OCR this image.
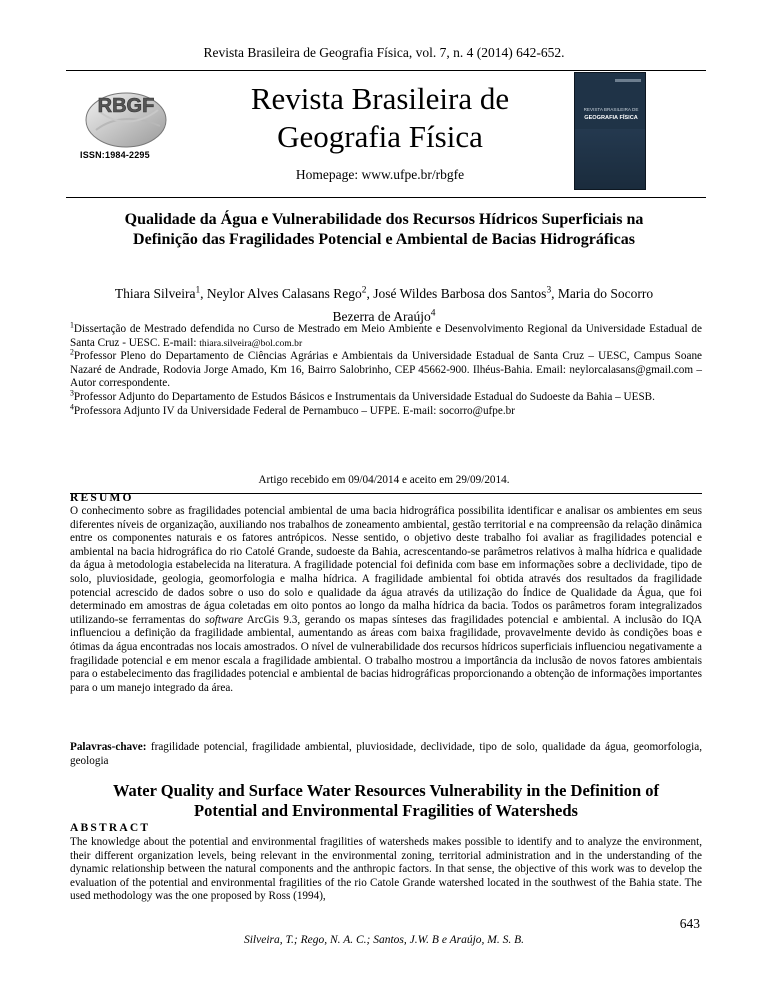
Revista Brasileira de Geografia Física, vol. 7, n. 4 (2014) 642-652.
RBGF
ISSN:1984-2295
Revista Brasileira de
Geografia Física
Homepage: www.ufpe.br/rbgfe
REVISTA BRASILEIRA DE
GEOGRAFIA FÍSICA
Qualidade da Água e Vulnerabilidade dos Recursos Hídricos Superficiais na
Definição das Fragilidades Potencial e Ambiental de Bacias Hidrográficas
Thiara Silveira$^1$, Neylor Alves Calasans Rego$^2$, José Wildes Barbosa dos Santos$^3$, Maria do Socorro
Bezerra de Araújo$^4$

$^1$Dissertação de Mestrado defendida no Curso de Mestrado em Meio Ambiente e Desenvolvimento Regional da Universidade Estadual de Santa Cruz - UESC. E-mail: thiara.silveira@bol.com.br

$^2$Professor Pleno do Departamento de Ciências Agrárias e Ambientais da Universidade Estadual de Santa Cruz – UESC, Campus Soane Nazaré de Andrade, Rodovia Jorge Amado, Km 16, Bairro Salobrinho, CEP 45662-900. Ilhéus-Bahia. Email: neylorcalasans@gmail.com – Autor correspondente.

$^3$Professor Adjunto do Departamento de Estudos Básicos e Instrumentais da Universidade Estadual do Sudoeste da Bahia – UESB.

$^4$Professora Adjunto IV da Universidade Federal de Pernambuco – UFPE. E-mail: socorro@ufpe.br

Artigo recebido em 09/04/2014 e aceito em 29/09/2014.
RESUMO
O conhecimento sobre as fragilidades potencial ambiental de uma bacia hidrográfica possibilita identificar e analisar os ambientes em seus diferentes níveis de organização, auxiliando nos trabalhos de zoneamento ambiental, gestão territorial e na compreensão da relação dinâmica entre os componentes naturais e os fatores antrópicos. Nesse sentido, o objetivo deste trabalho foi avaliar as fragilidades potencial e ambiental na bacia hidrográfica do rio Catolé Grande, sudoeste da Bahia, acrescentando-se parâmetros relativos à malha hídrica e qualidade da água à metodologia estabelecida na literatura. A fragilidade potencial foi definida com base em informações sobre a declividade, tipo de solo, pluviosidade, geologia, geomorfologia e malha hídrica. A fragilidade ambiental foi obtida através dos resultados da fragilidade potencial acrescido de dados sobre o uso do solo e qualidade da água através da utilização do Índice de Qualidade da Água, que foi determinado em amostras de água coletadas em oito pontos ao longo da malha hídrica da bacia. Todos os parâmetros foram integralizados utilizando-se ferramentas do software ArcGis 9.3, gerando os mapas sínteses das fragilidades potencial e ambiental. A inclusão do IQA influenciou a definição da fragilidade ambiental, aumentando as áreas com baixa fragilidade, provavelmente devido às condições boas e ótimas da água encontradas nos locais amostrados. O nível de vulnerabilidade dos recursos hídricos superficiais influenciou negativamente a fragilidade potencial e em menor escala a fragilidade ambiental. O trabalho mostrou a importância da inclusão de novos fatores ambientais para o estabelecimento das fragilidades potencial e ambiental de bacias hidrográficas proporcionando a obtenção de informações importantes para o um manejo integrado da área.
Palavras-chave: fragilidade potencial, fragilidade ambiental, pluviosidade, declividade, tipo de solo, qualidade da água, geomorfologia, geologia
Water Quality and Surface Water Resources Vulnerability in the Definition of
Potential and Environmental Fragilities of Watersheds
ABSTRACT
The knowledge about the potential and environmental fragilities of watersheds makes possible to identify and to analyze the environment, their different organization levels, being relevant in the environmental zoning, territorial administration and in the understanding of the dynamic relationship between the natural components and the anthropic factors. In that sense, the objective of this work was to develop the evaluation of the potential and environmental fragilities of the rio Catole Grande watershed located in the southwest of the Bahia state. The used methodology was the one proposed by Ross (1994),
643
Silveira, T.; Rego, N. A. C.; Santos, J.W. B e Araújo, M. S. B.
